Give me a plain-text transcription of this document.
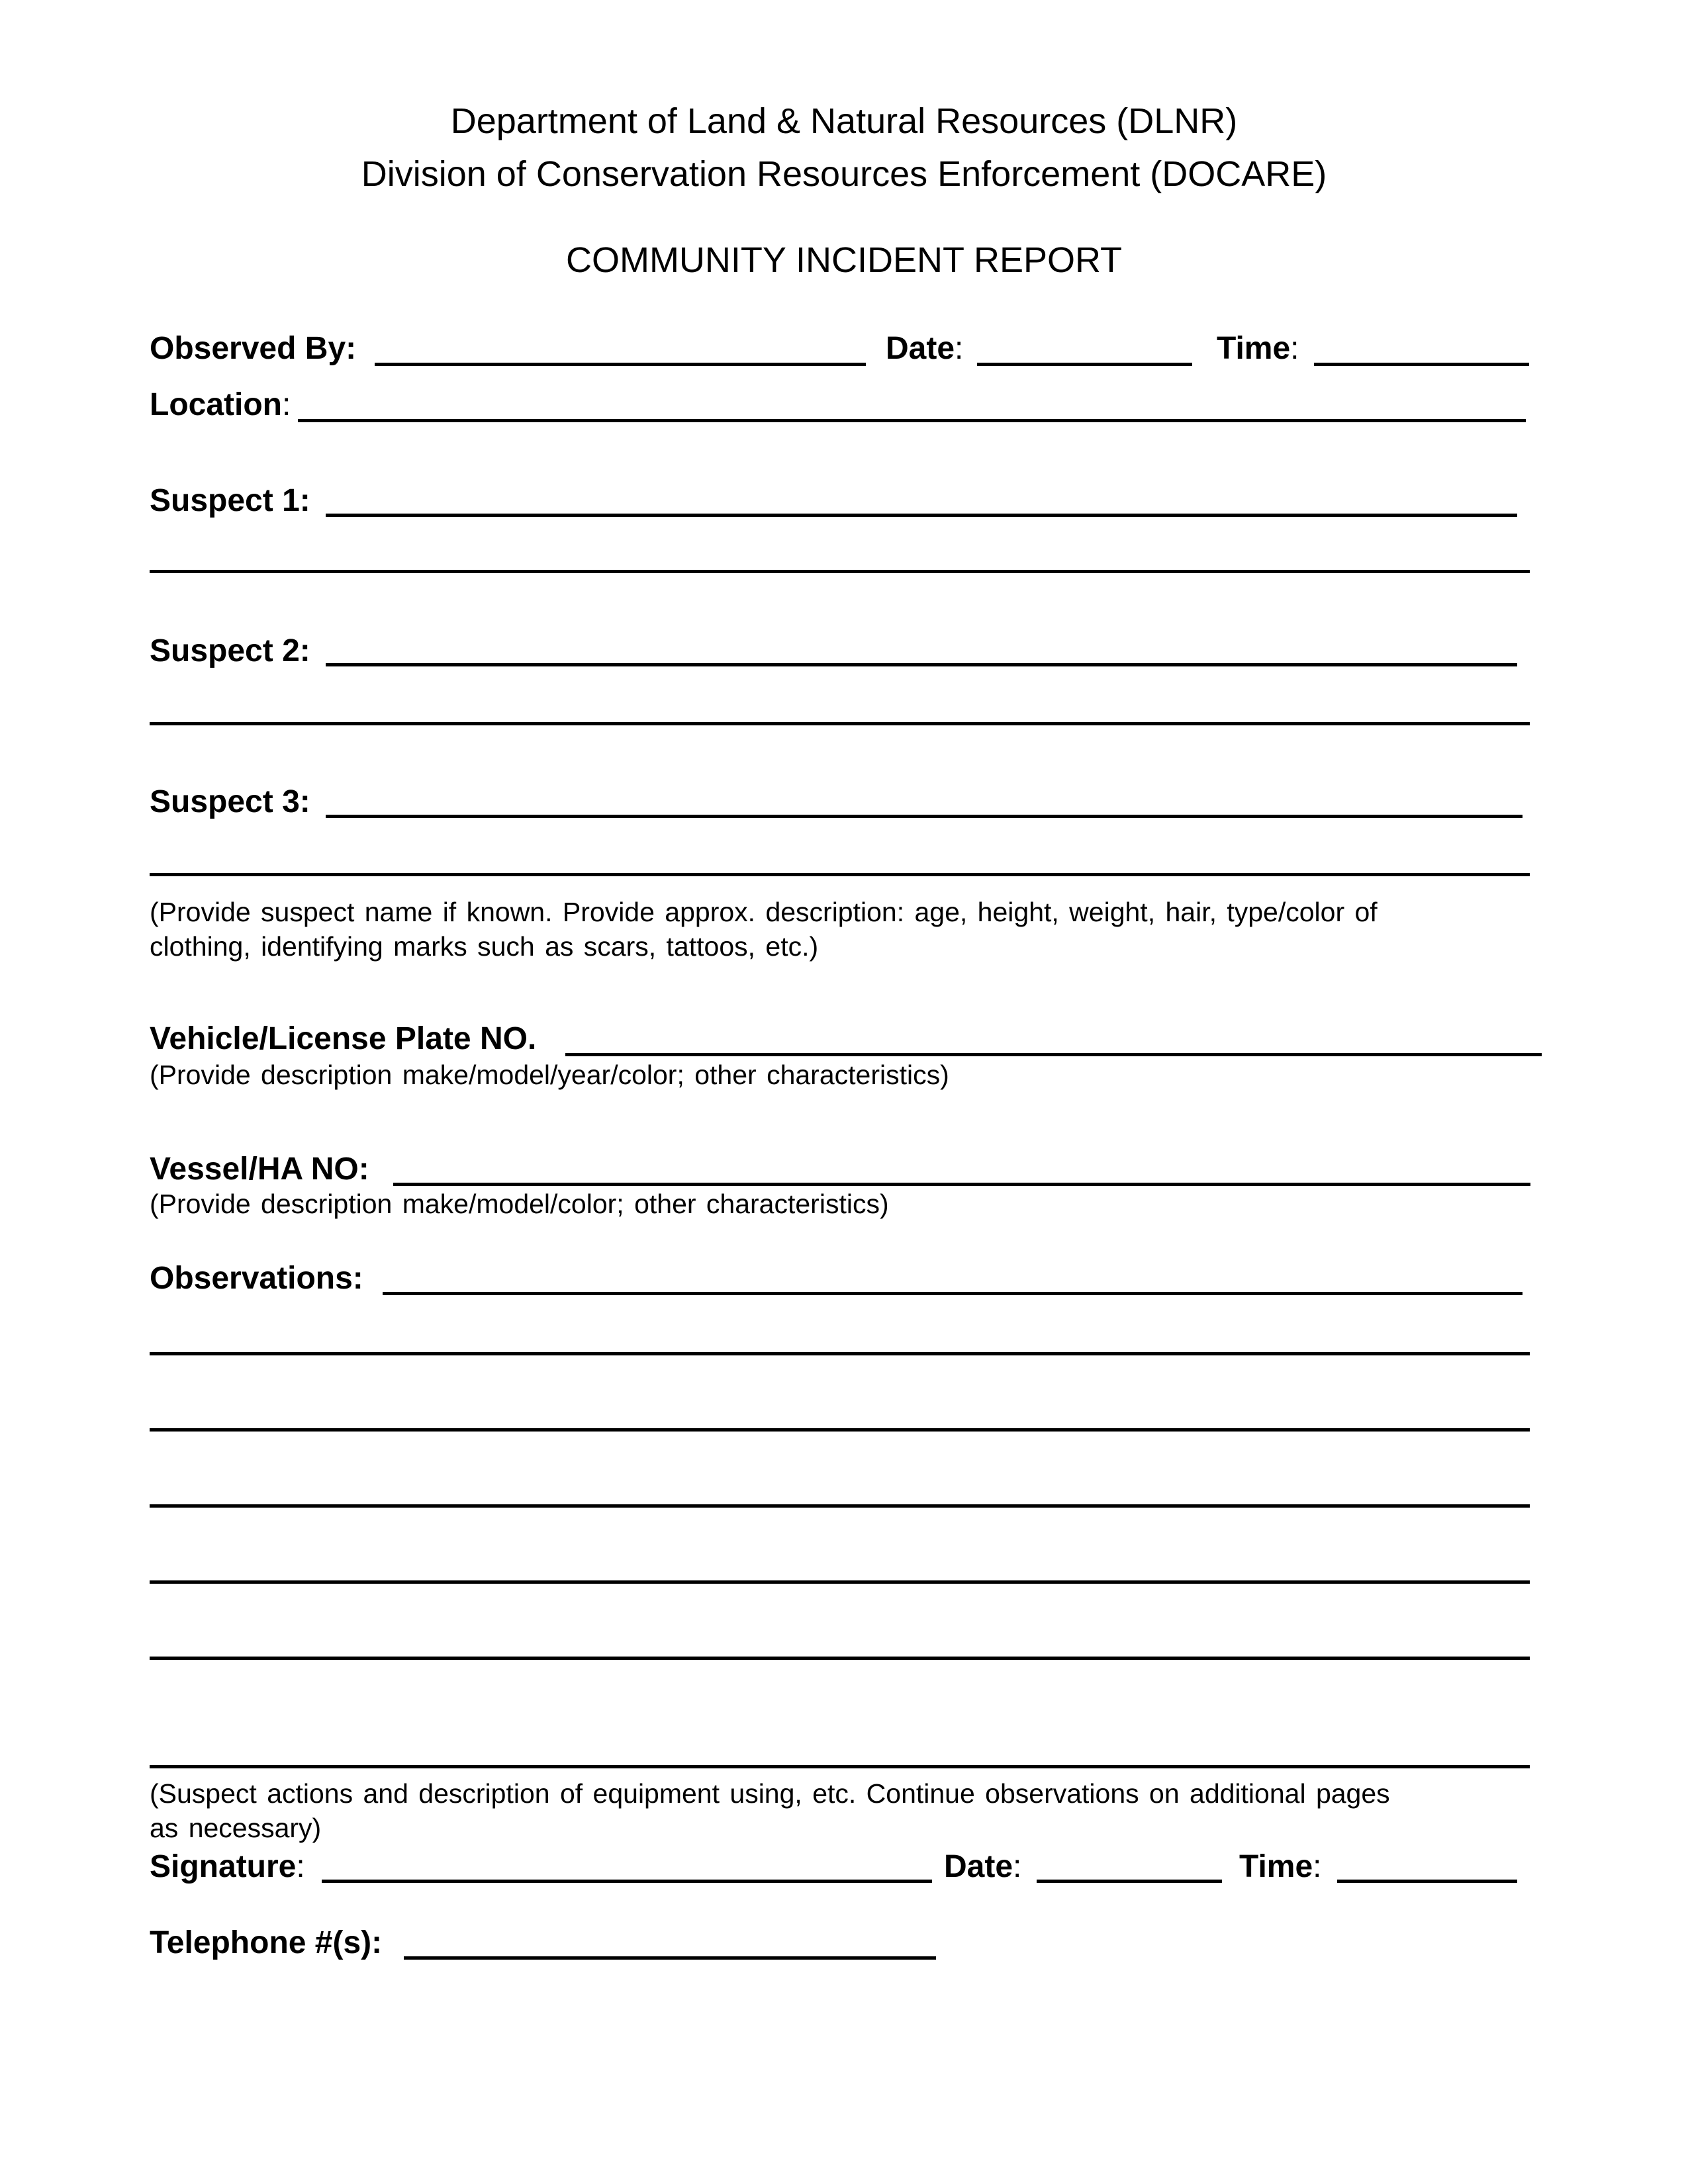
Department of Land & Natural Resources (DLNR)
Division of Conservation Resources Enforcement (DOCARE)
COMMUNITY INCIDENT REPORT
Observed By:	Date:	Time:
Location:
Suspect 1:
Suspect 2:
Suspect 3:
(Provide suspect name if known. Provide approx. description: age, height, weight, hair, type/color of
clothing, identifying marks such as scars, tattoos, etc.)
Vehicle/License Plate NO.
(Provide description make/model/year/color; other characteristics)
Vessel/HA NO:
(Provide description make/model/color; other characteristics)
Observations:
(Suspect actions and description of equipment using, etc. Continue observations on additional pages
as necessary)
Signature:	Date:	Time:
Telephone #(s):
